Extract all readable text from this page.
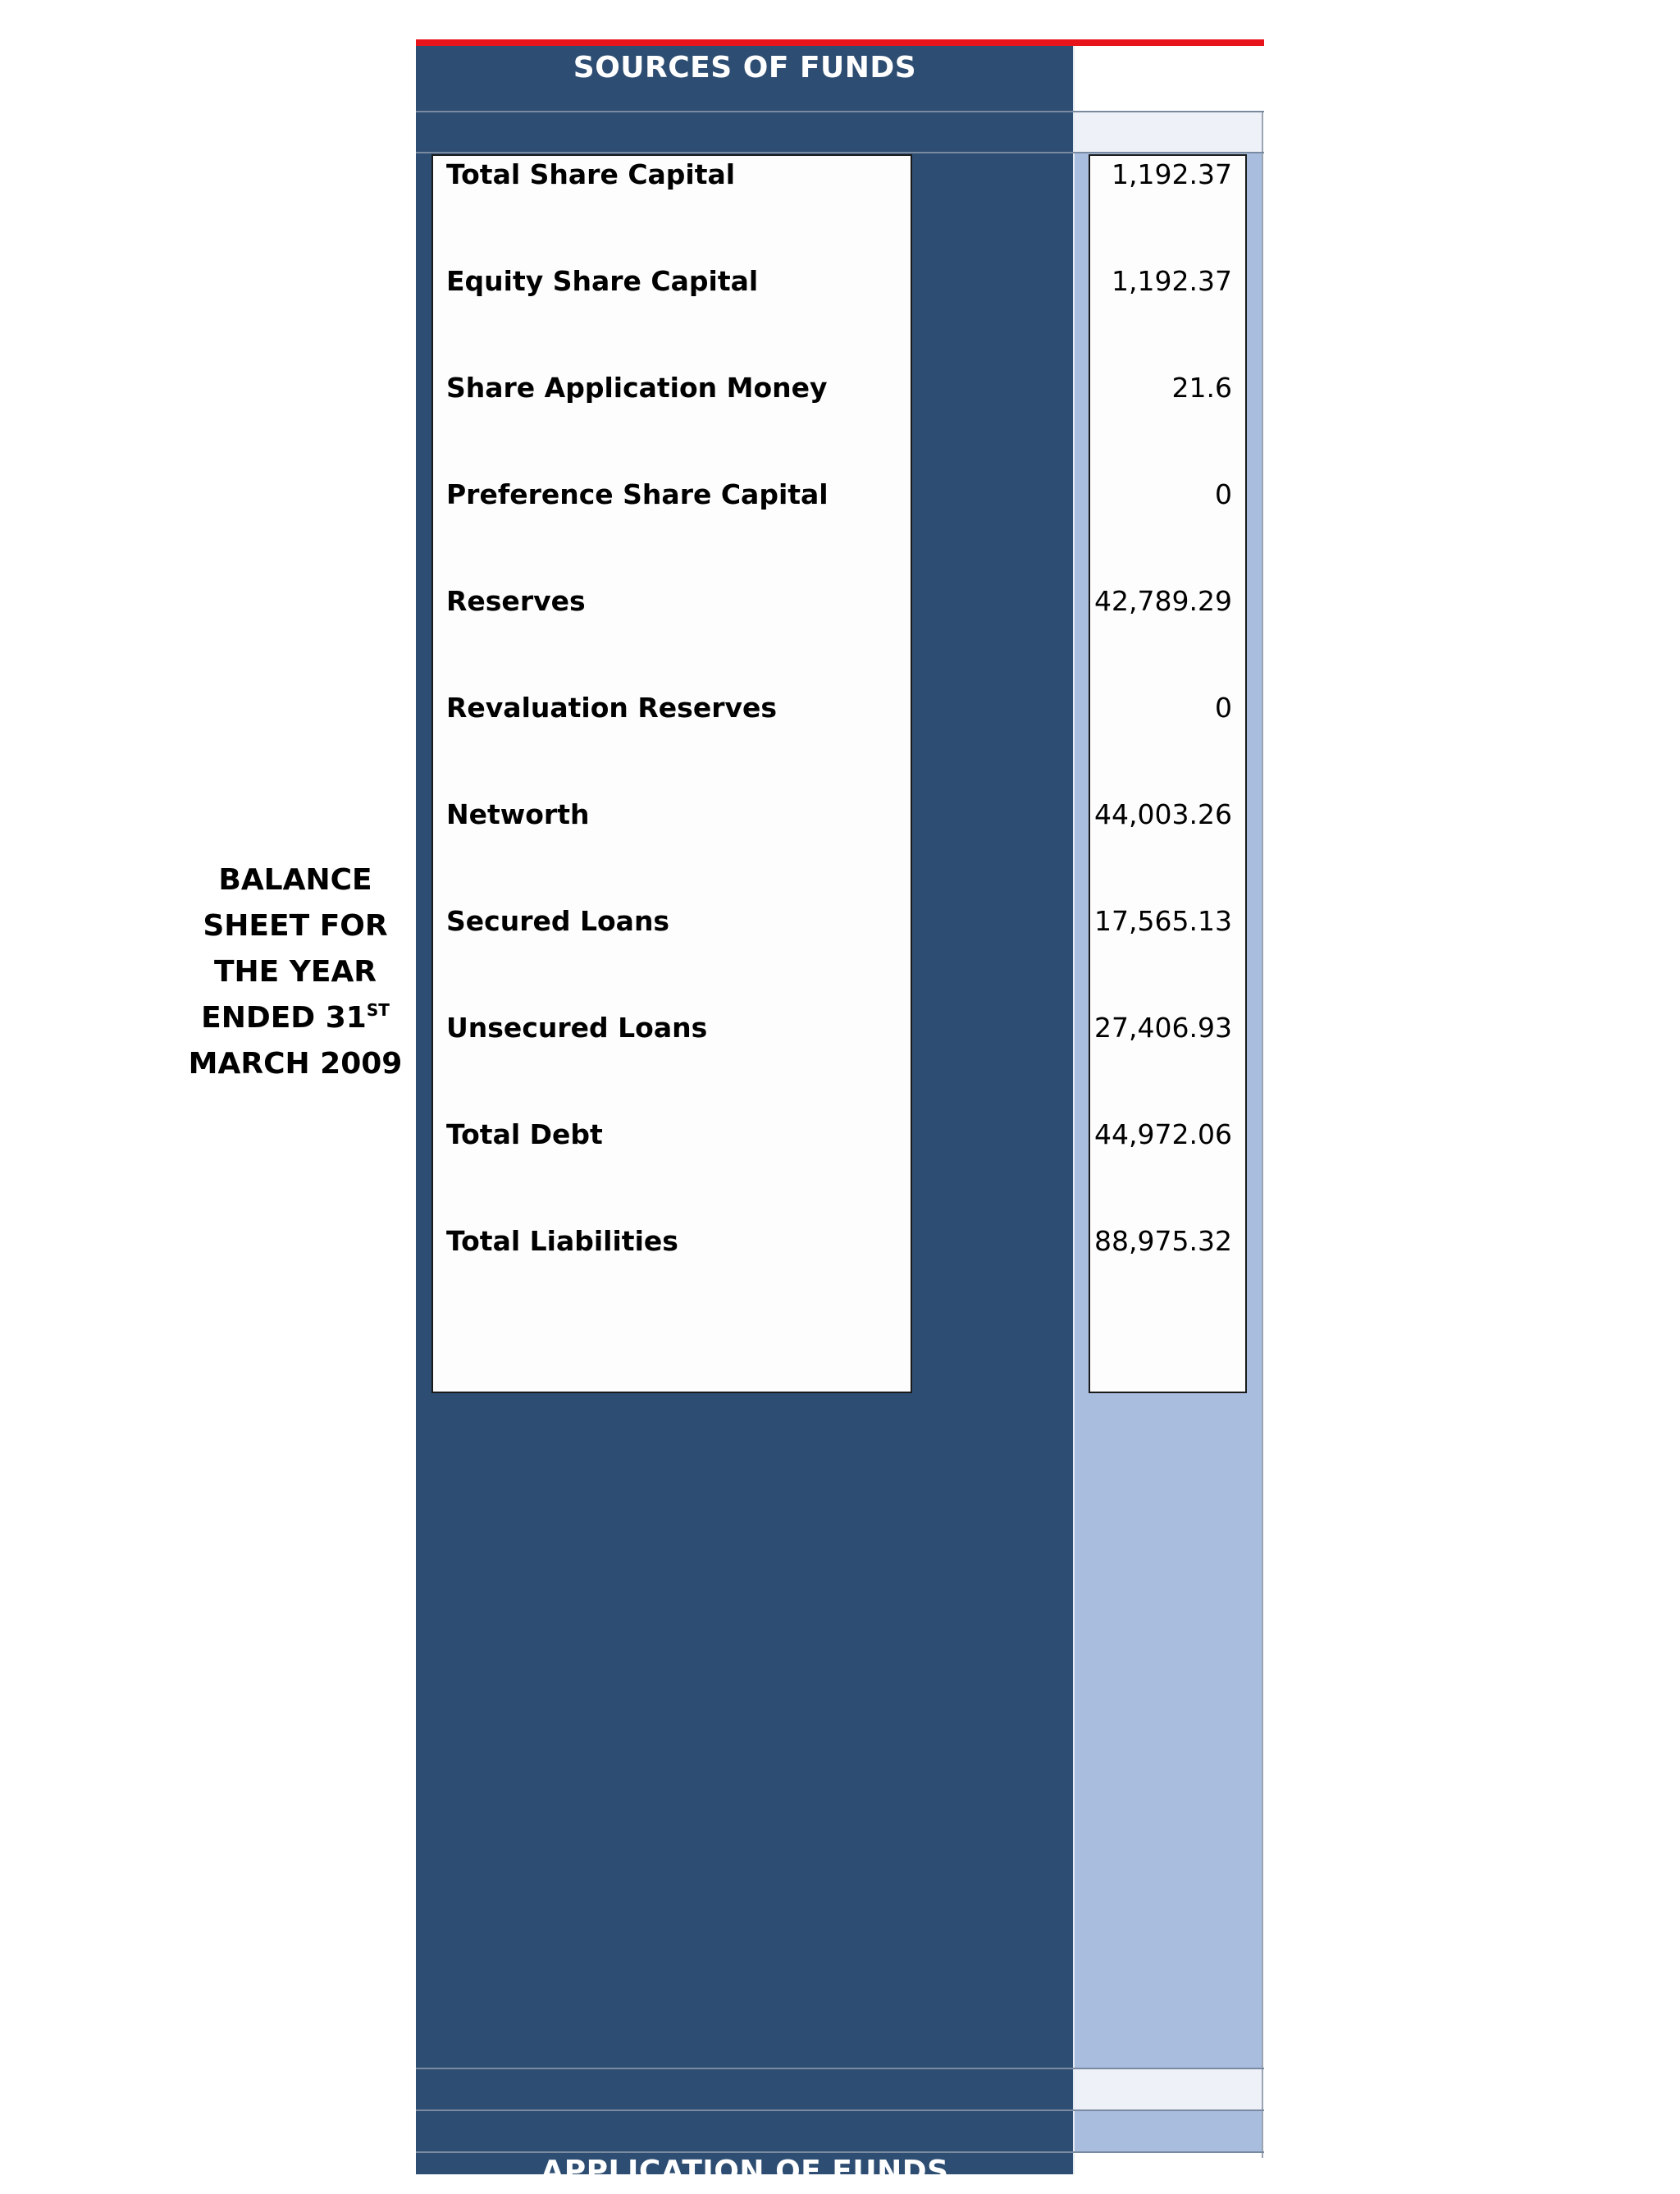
SOURCES OF FUNDS
APPLICATION OF FUNDS
BALANCE
SHEET FOR
THE YEAR
ENDED 31ST
MARCH 2009
Total Share Capital
Equity Share Capital
Share Application Money
Preference Share Capital
Reserves
Revaluation Reserves
Networth
Secured Loans
Unsecured Loans
Total Debt
Total Liabilities
1,192.37
1,192.37
21.6
0
42,789.29
0
44,003.26
17,565.13
27,406.93
44,972.06
88,975.32
